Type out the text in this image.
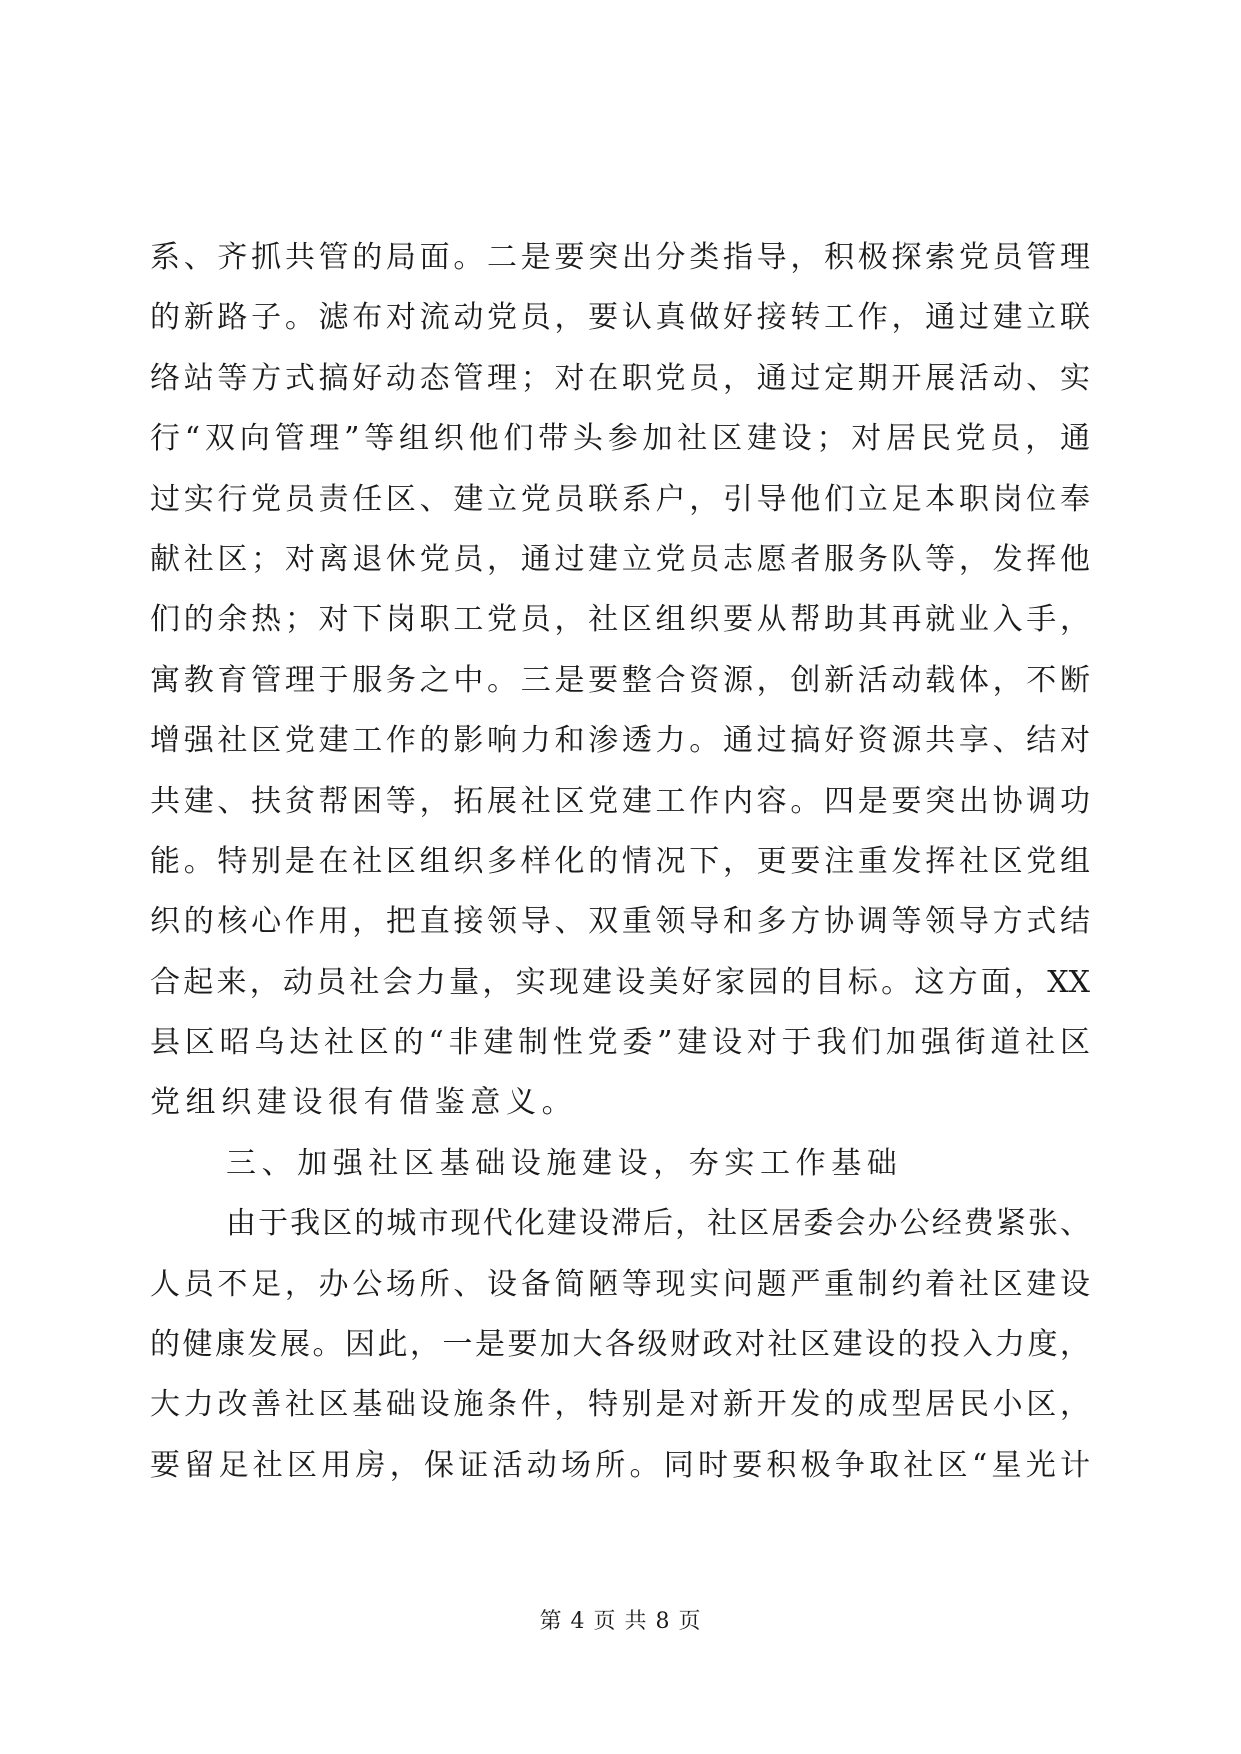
系、齐抓共管的局面。二是要突出分类指导，积极探索党员管理
的新路子。滤布对流动党员，要认真做好接转工作，通过建立联
络站等方式搞好动态管理；对在职党员，通过定期开展活动、实
行“双向管理”等组织他们带头参加社区建设；对居民党员，通
过实行党员责任区、建立党员联系户，引导他们立足本职岗位奉
献社区；对离退休党员，通过建立党员志愿者服务队等，发挥他
们的余热；对下岗职工党员，社区组织要从帮助其再就业入手，
寓教育管理于服务之中。三是要整合资源，创新活动载体，不断
增强社区党建工作的影响力和渗透力。通过搞好资源共享、结对
共建、扶贫帮困等，拓展社区党建工作内容。四是要突出协调功
能。特别是在社区组织多样化的情况下，更要注重发挥社区党组
织的核心作用，把直接领导、双重领导和多方协调等领导方式结
合起来，动员社会力量，实现建设美好家园的目标。这方面，XX
县区昭乌达社区的“非建制性党委”建设对于我们加强街道社区
党组织建设很有借鉴意义。
三、加强社区基础设施建设，夯实工作基础
由于我区的城市现代化建设滞后，社区居委会办公经费紧张、
人员不足，办公场所、设备简陋等现实问题严重制约着社区建设
的健康发展。因此，一是要加大各级财政对社区建设的投入力度，
大力改善社区基础设施条件，特别是对新开发的成型居民小区，
要留足社区用房，保证活动场所。同时要积极争取社区“星光计
第 4 页 共 8 页
